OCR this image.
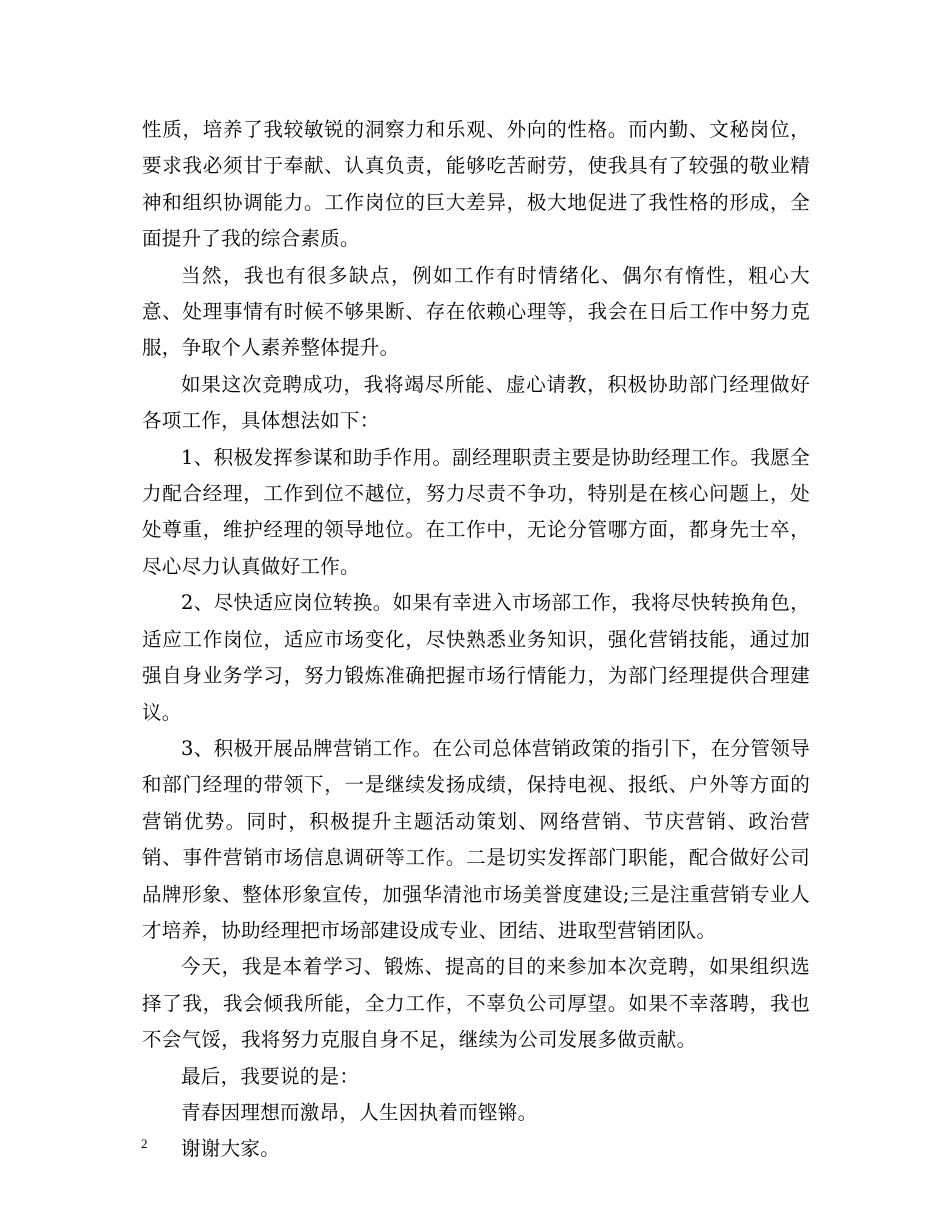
性质，培养了我较敏锐的洞察力和乐观、外向的性格。而内勤、文秘岗位，要求我必须甘于奉献、认真负责，能够吃苦耐劳，使我具有了较强的敬业精神和组织协调能力。工作岗位的巨大差异，极大地促进了我性格的形成，全面提升了我的综合素质。

当然，我也有很多缺点，例如工作有时情绪化、偶尔有惰性，粗心大意、处理事情有时候不够果断、存在依赖心理等，我会在日后工作中努力克服，争取个人素养整体提升。

如果这次竞聘成功，我将竭尽所能、虚心请教，积极协助部门经理做好各项工作，具体想法如下：

1、积极发挥参谋和助手作用。副经理职责主要是协助经理工作。我愿全力配合经理，工作到位不越位，努力尽责不争功，特别是在核心问题上，处处尊重，维护经理的领导地位。在工作中，无论分管哪方面，都身先士卒，尽心尽力认真做好工作。

2、尽快适应岗位转换。如果有幸进入市场部工作，我将尽快转换角色，适应工作岗位，适应市场变化，尽快熟悉业务知识，强化营销技能，通过加强自身业务学习，努力锻炼准确把握市场行情能力，为部门经理提供合理建议。

3、积极开展品牌营销工作。在公司总体营销政策的指引下，在分管领导和部门经理的带领下，一是继续发扬成绩，保持电视、报纸、户外等方面的营销优势。同时，积极提升主题活动策划、网络营销、节庆营销、政治营销、事件营销市场信息调研等工作。二是切实发挥部门职能，配合做好公司品牌形象、整体形象宣传，加强华清池市场美誉度建设;三是注重营销专业人才培养，协助经理把市场部建设成专业、团结、进取型营销团队。

今天，我是本着学习、锻炼、提高的目的来参加本次竞聘，如果组织选择了我，我会倾我所能，全力工作，不辜负公司厚望。如果不幸落聘，我也不会气馁，我将努力克服自身不足，继续为公司发展多做贡献。

最后，我要说的是：

青春因理想而激昂，人生因执着而铿锵。

谢谢大家。

2
